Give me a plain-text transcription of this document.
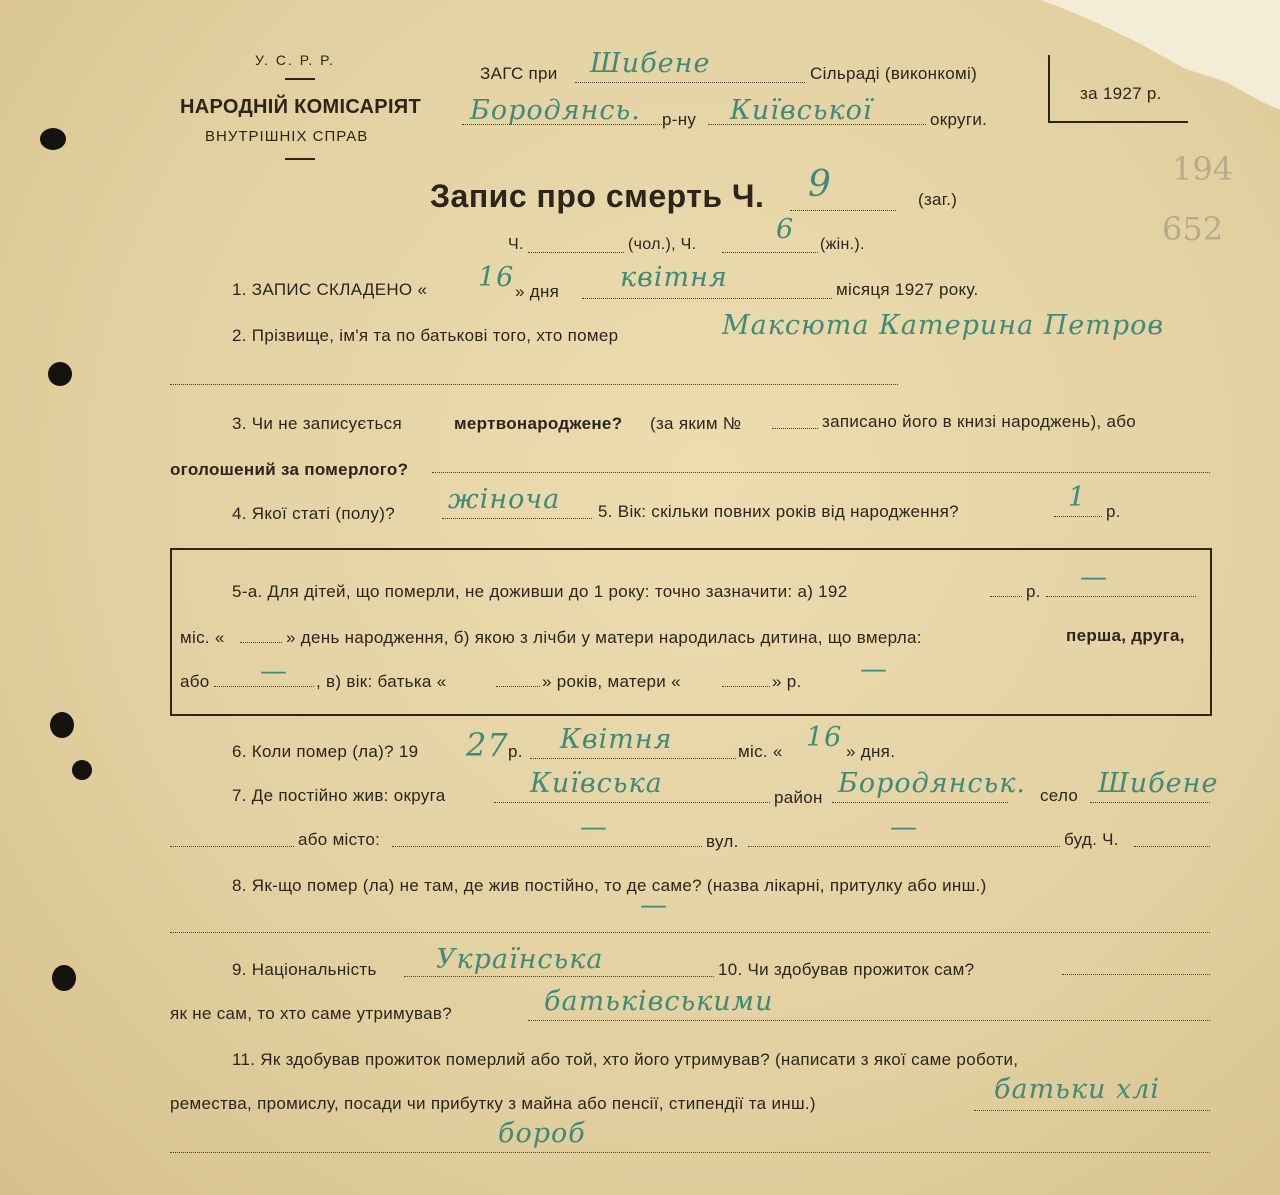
194
652
У. С. Р. Р.
НАРОДНІЙ КОМІСАРІЯТ
ВНУТРІШНІХ СПРАВ
ЗАГС при Шибене	Сільраді (виконкомі)
Бородянсь. р-ну Київської	округи.
за 1927 р.
Запис про смерть Ч. 9	(заг.)
Ч.	(чол.), Ч.	6 (жін.).
1. ЗАПИС СКЛАДЕНО « 16 » дня квітня	місяця 1927 року.
2. Прізвище, ім'я та по батькові того, хто помер	Максюта Катерина Петров
3. Чи не записується	мертвонароджене? (за яким №	записано його в книзі народжень), або
оголошений за померлого?
4. Якої статі (полу)? жіноча 5. Вік: скільки повних років від народження?	1 р.
5-а. Для дітей, що померли, не доживши до 1 року: точно зазначити: а) 192	р. —
міс. «	» день народження, б) якою з лічби у матери народилась дитина, що вмерла:	перша, друга,
або — , в) вік: батька «	» років, матери «	» р. —
6. Коли помер (ла)? 19 27 р. Квітня	міс. « 16 » дня.
7. Де постійно жив: округа	Київська	район Бородянськ. село Шибене
або місто:	—	вул.	—	буд. Ч.
8. Як-що помер (ла) не там, де жив постійно, то де саме? (назва лікарні, притулку або инш.)
—
9. Національність Українська	10. Чи здобував прожиток сам?
як не сам, то хто саме утримував?	батьківськими
11. Як здобував прожиток померлий або той, хто його утримував? (написати з якої саме роботи,
ремества, промислу, посади чи прибутку з майна або пенсії, стипендії та инш.)	батьки хлі
бороб
